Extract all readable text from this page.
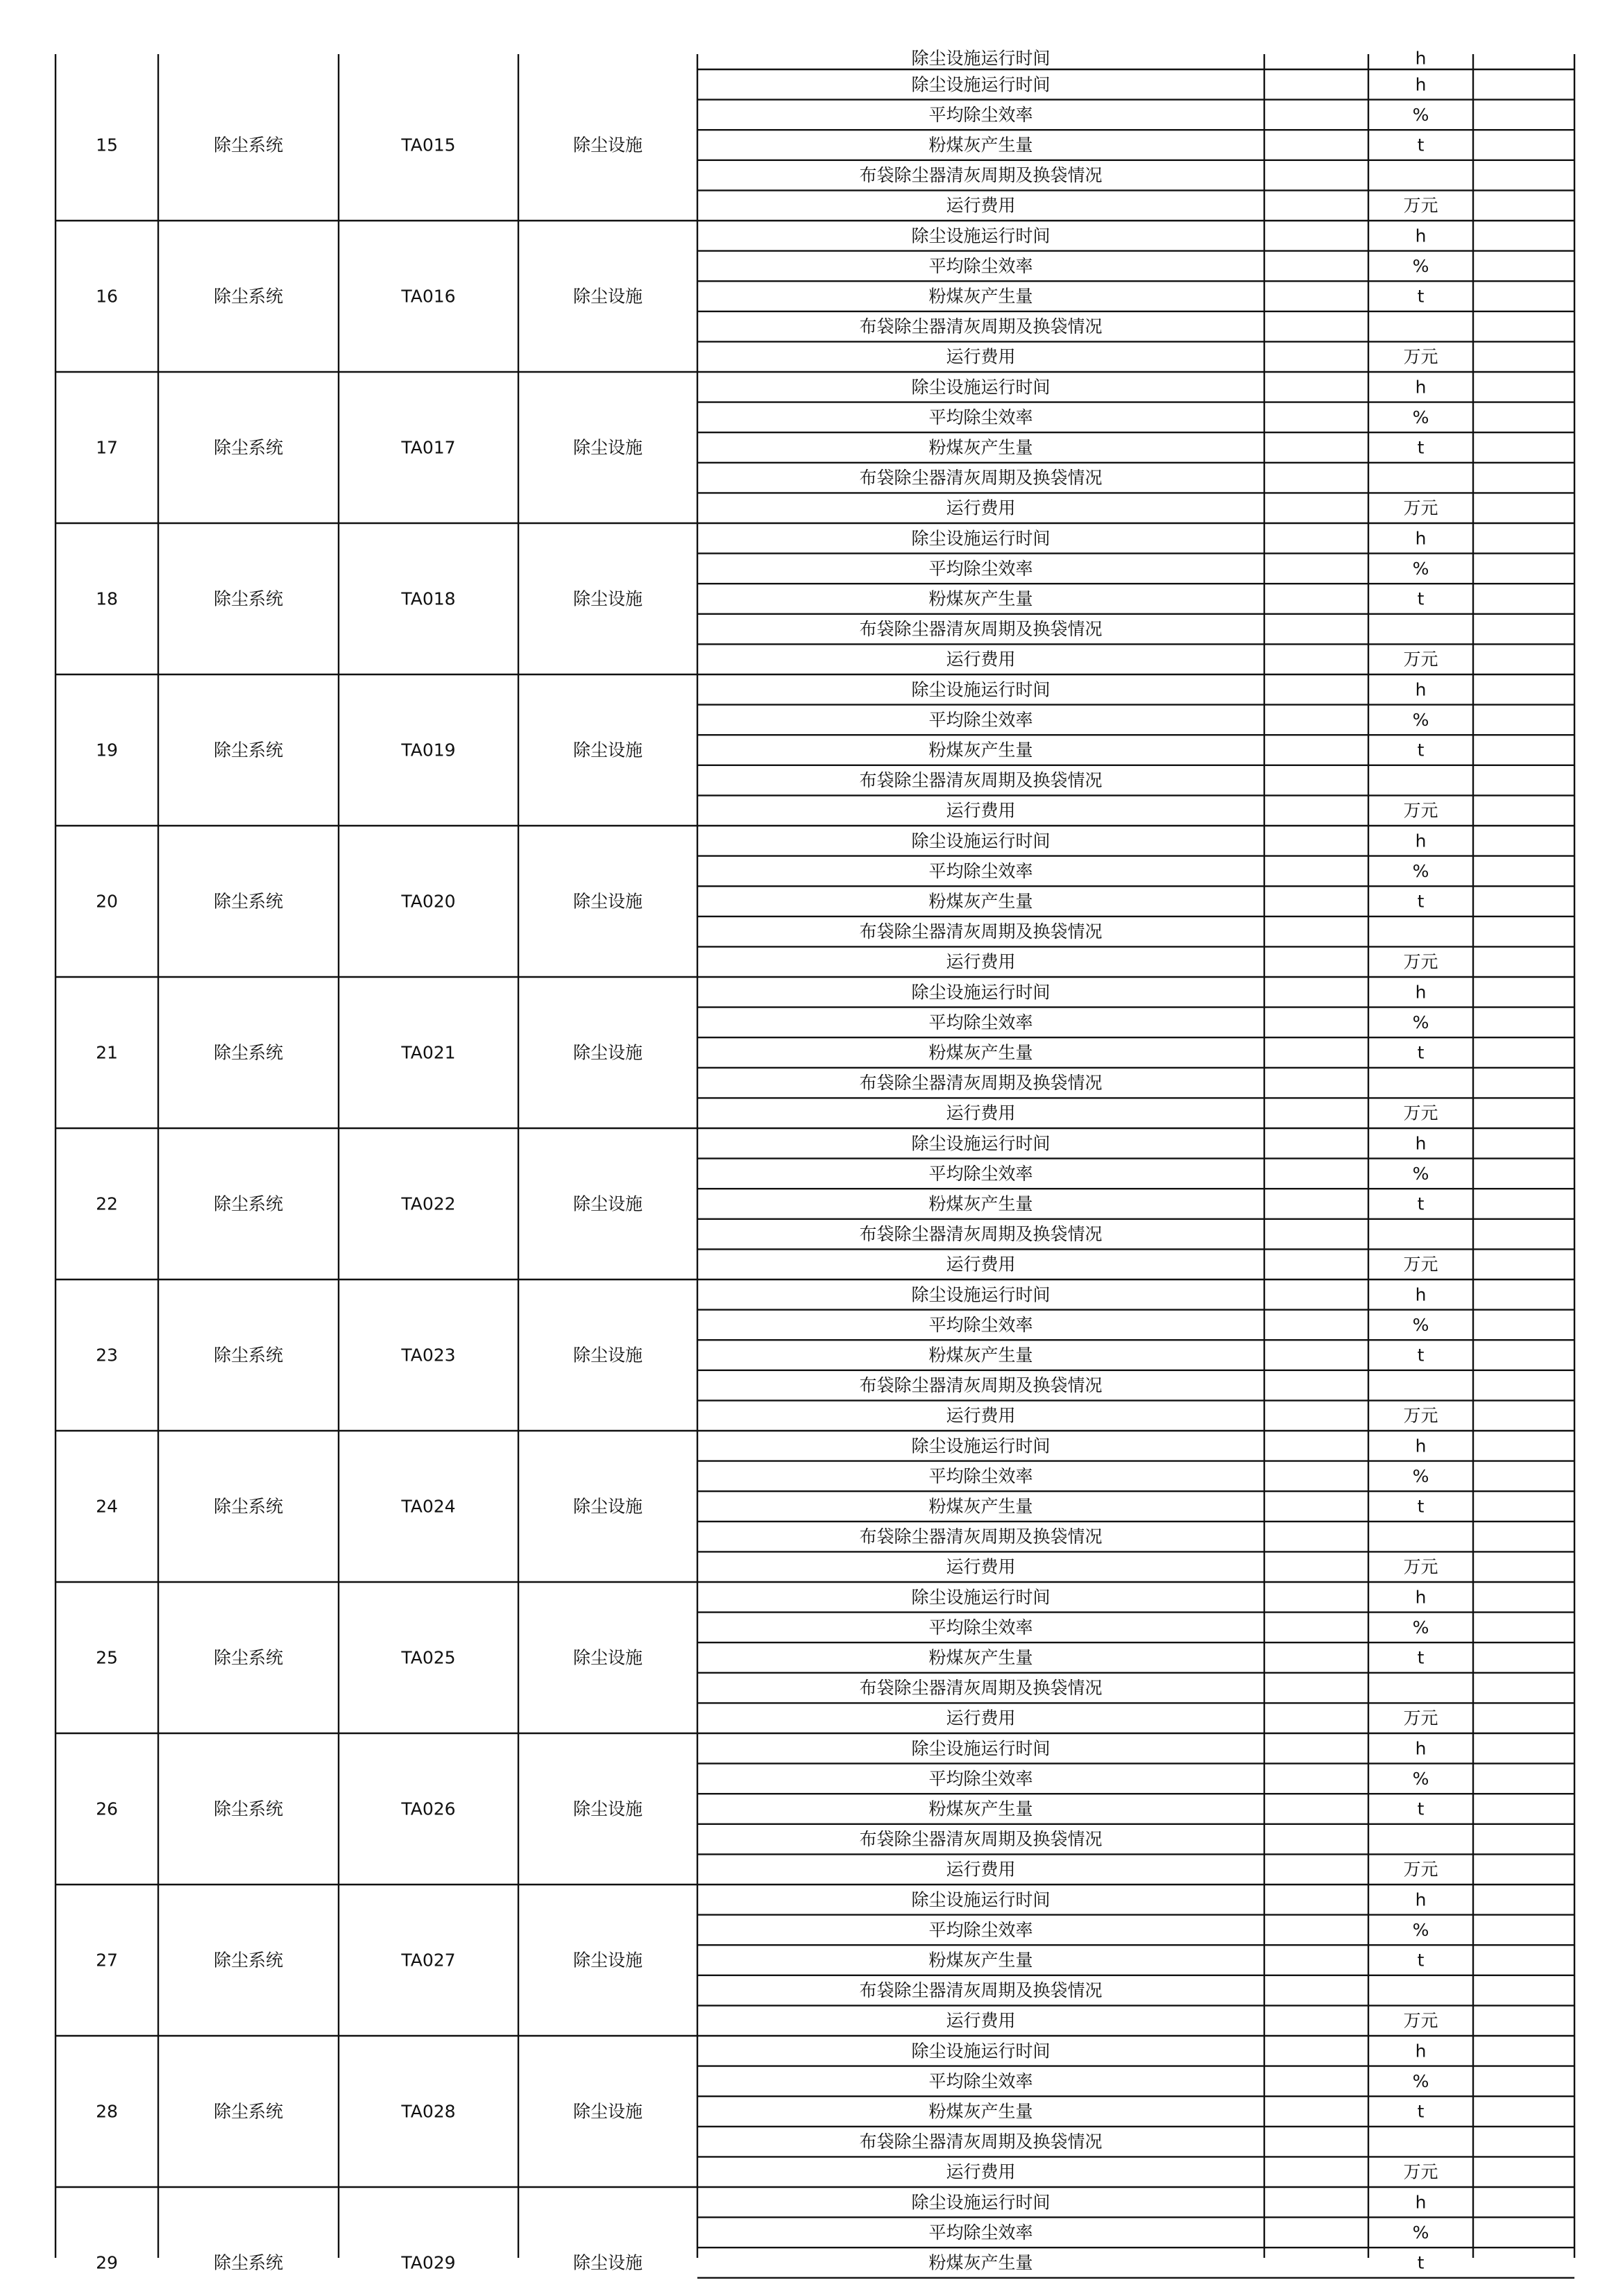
除尘设施运行时间	h
15	除尘系统	TA015	除尘设施
除尘设施运行时间	h
平均除尘效率	%
粉煤灰产生量	t
布袋除尘器清灰周期及换袋情况
运行费用	万元
16	除尘系统	TA016	除尘设施
除尘设施运行时间	h
平均除尘效率	%
粉煤灰产生量	t
布袋除尘器清灰周期及换袋情况
运行费用	万元
17	除尘系统	TA017	除尘设施
除尘设施运行时间	h
平均除尘效率	%
粉煤灰产生量	t
布袋除尘器清灰周期及换袋情况
运行费用	万元
18	除尘系统	TA018	除尘设施
除尘设施运行时间	h
平均除尘效率	%
粉煤灰产生量	t
布袋除尘器清灰周期及换袋情况
运行费用	万元
19	除尘系统	TA019	除尘设施
除尘设施运行时间	h
平均除尘效率	%
粉煤灰产生量	t
布袋除尘器清灰周期及换袋情况
运行费用	万元
20	除尘系统	TA020	除尘设施
除尘设施运行时间	h
平均除尘效率	%
粉煤灰产生量	t
布袋除尘器清灰周期及换袋情况
运行费用	万元
21	除尘系统	TA021	除尘设施
除尘设施运行时间	h
平均除尘效率	%
粉煤灰产生量	t
布袋除尘器清灰周期及换袋情况
运行费用	万元
22	除尘系统	TA022	除尘设施
除尘设施运行时间	h
平均除尘效率	%
粉煤灰产生量	t
布袋除尘器清灰周期及换袋情况
运行费用	万元
23	除尘系统	TA023	除尘设施
除尘设施运行时间	h
平均除尘效率	%
粉煤灰产生量	t
布袋除尘器清灰周期及换袋情况
运行费用	万元
24	除尘系统	TA024	除尘设施
除尘设施运行时间	h
平均除尘效率	%
粉煤灰产生量	t
布袋除尘器清灰周期及换袋情况
运行费用	万元
25	除尘系统	TA025	除尘设施
除尘设施运行时间	h
平均除尘效率	%
粉煤灰产生量	t
布袋除尘器清灰周期及换袋情况
运行费用	万元
26	除尘系统	TA026	除尘设施
除尘设施运行时间	h
平均除尘效率	%
粉煤灰产生量	t
布袋除尘器清灰周期及换袋情况
运行费用	万元
27	除尘系统	TA027	除尘设施
除尘设施运行时间	h
平均除尘效率	%
粉煤灰产生量	t
布袋除尘器清灰周期及换袋情况
运行费用	万元
28	除尘系统	TA028	除尘设施
除尘设施运行时间	h
平均除尘效率	%
粉煤灰产生量	t
布袋除尘器清灰周期及换袋情况
运行费用	万元
29	除尘系统	TA029	除尘设施
除尘设施运行时间	h
平均除尘效率	%
粉煤灰产生量	t
